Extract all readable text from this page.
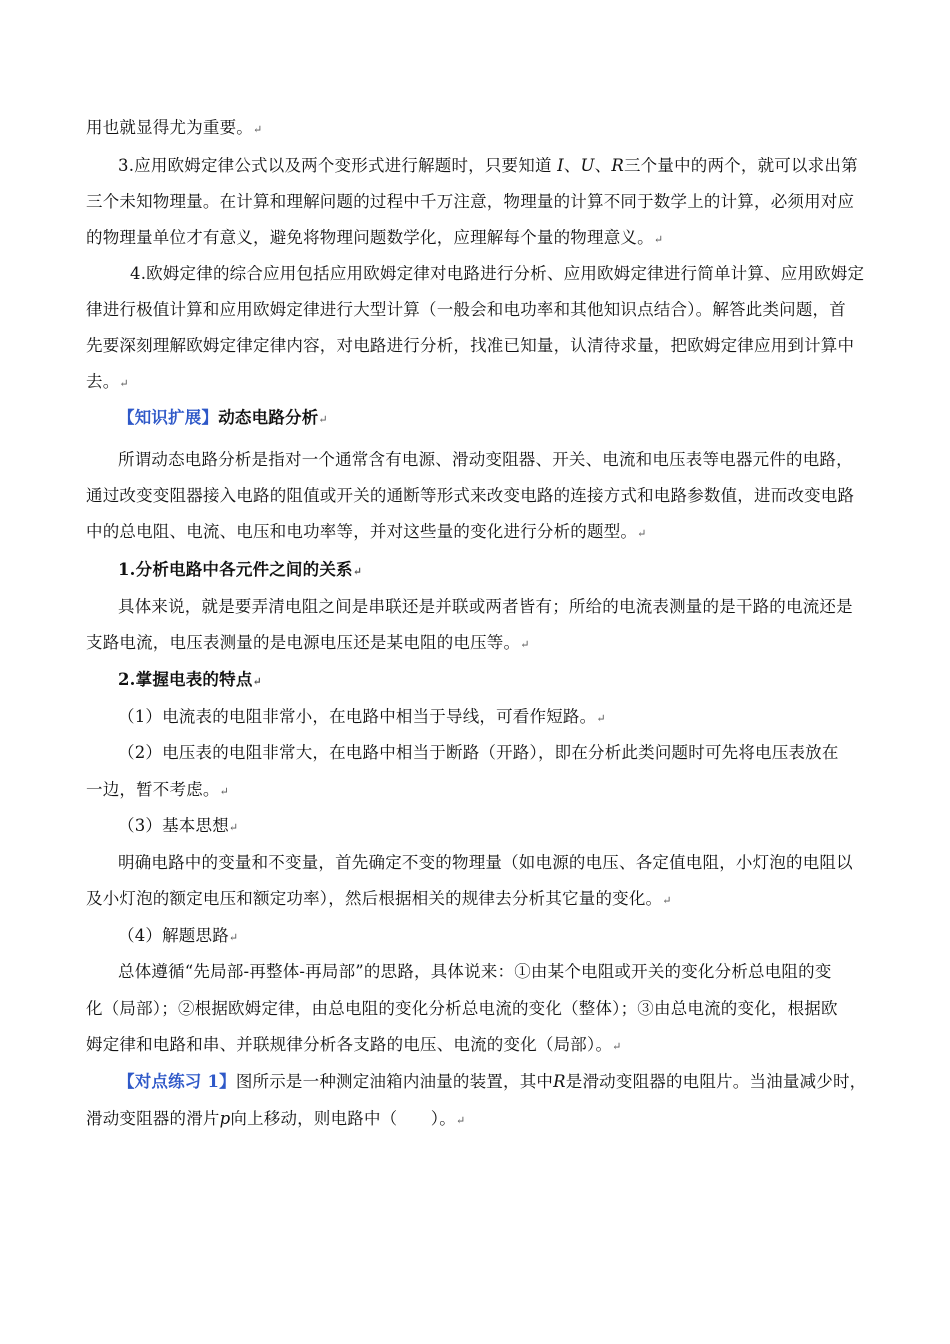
用也就显得尤为重要。↵
3.应用欧姆定律公式以及两个变形式进行解题时，只要知道 I、U、R三个量中的两个，就可以求出第
三个未知物理量。在计算和理解问题的过程中千万注意，物理量的计算不同于数学上的计算，必须用对应
的物理量单位才有意义，避免将物理问题数学化，应理解每个量的物理意义。↵
4.欧姆定律的综合应用包括应用欧姆定律对电路进行分析、应用欧姆定律进行简单计算、应用欧姆定
律进行极值计算和应用欧姆定律进行大型计算（一般会和电功率和其他知识点结合）。解答此类问题，首
先要深刻理解欧姆定律定律内容，对电路进行分析，找准已知量，认清待求量，把欧姆定律应用到计算中
去。↵
【知识扩展】动态电路分析↵
所谓动态电路分析是指对一个通常含有电源、滑动变阻器、开关、电流和电压表等电器元件的电路，
通过改变变阻器接入电路的阻值或开关的通断等形式来改变电路的连接方式和电路参数值，进而改变电路
中的总电阻、电流、电压和电功率等，并对这些量的变化进行分析的题型。↵
1.分析电路中各元件之间的关系↵
具体来说，就是要弄清电阻之间是串联还是并联或两者皆有；所给的电流表测量的是干路的电流还是
支路电流，电压表测量的是电源电压还是某电阻的电压等。↵
2.掌握电表的特点↵
（1）电流表的电阻非常小，在电路中相当于导线，可看作短路。↵
（2）电压表的电阻非常大，在电路中相当于断路（开路），即在分析此类问题时可先将电压表放在
一边，暂不考虑。↵
（3）基本思想↵
明确电路中的变量和不变量，首先确定不变的物理量（如电源的电压、各定值电阻，小灯泡的电阻以
及小灯泡的额定电压和额定功率），然后根据相关的规律去分析其它量的变化。↵
（4）解题思路↵
总体遵循“先局部-再整体-再局部”的思路，具体说来：①由某个电阻或开关的变化分析总电阻的变
化（局部）；②根据欧姆定律，由总电阻的变化分析总电流的变化（整体）；③由总电流的变化，根据欧
姆定律和电路和串、并联规律分析各支路的电压、电流的变化（局部）。↵
【对点练习 1】图所示是一种测定油箱内油量的装置，其中R是滑动变阻器的电阻片。当油量减少时，
滑动变阻器的滑片p向上移动，则电路中（　　）。↵
